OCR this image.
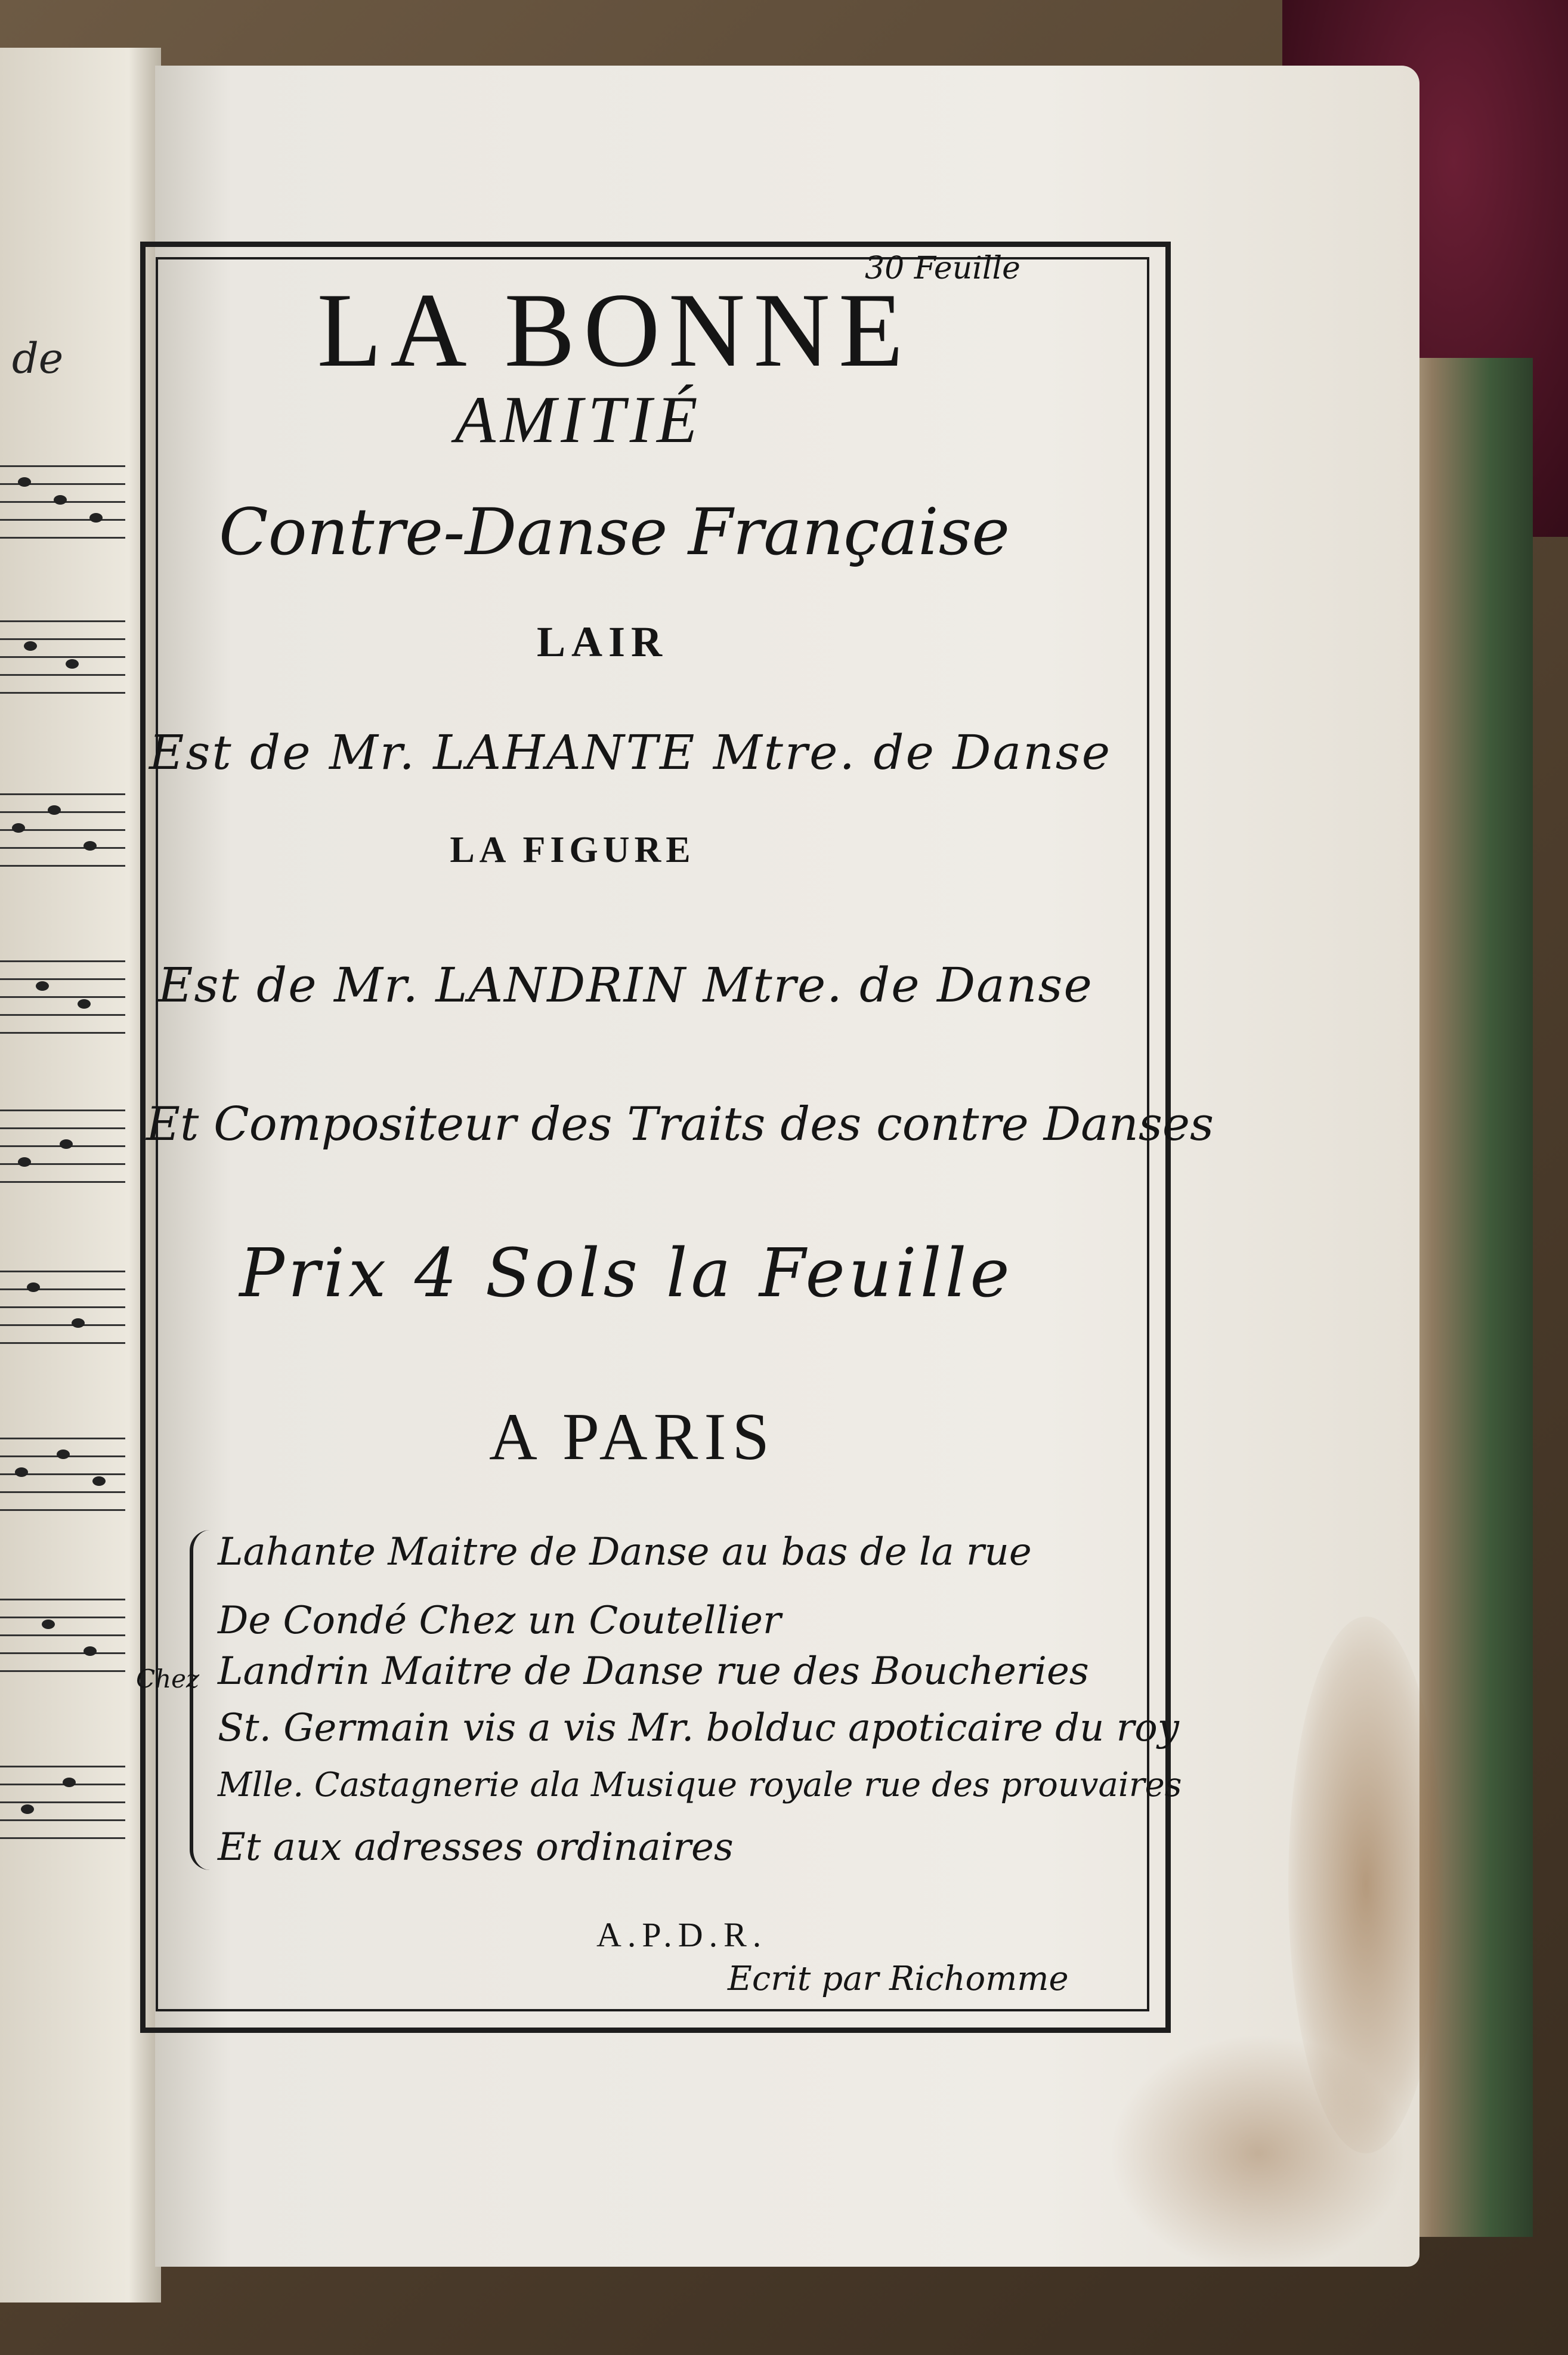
de
30 Feuille
LA BONNE
AMITIÉ
Contre-Danse Française
LAIR
Est de Mr. LAHANTE Mtre. de Danse
LA FIGURE
Est de Mr. LANDRIN Mtre. de Danse
Et Compositeur des Traits des contre Danses
Prix 4 Sols la Feuille
A PARIS
Chez
Lahante Maitre de Danse au bas de la rue
De Condé Chez un Coutellier
Landrin Maitre de Danse rue des Boucheries
St. Germain vis a vis Mr. bolduc apoticaire du roy
Mlle. Castagnerie ala Musique royale rue des prouvaires
Et aux adresses ordinaires
A.P.D.R.
Ecrit par Richomme
